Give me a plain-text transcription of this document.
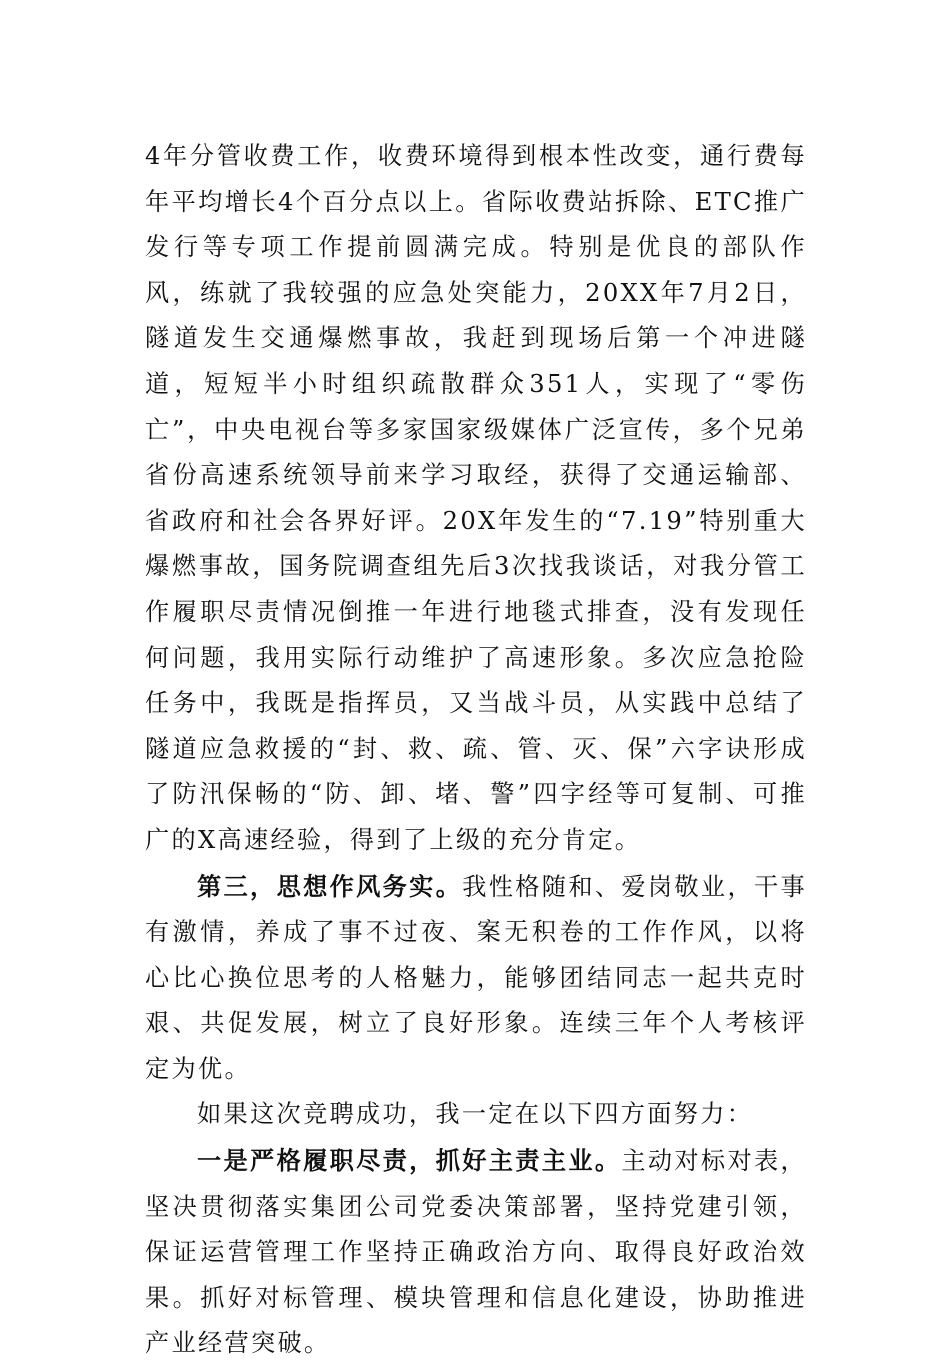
4年分管收费工作，收费环境得到根本性改变，通行费每年平均增长4个百分点以上。省际收费站拆除、ETC推广发行等专项工作提前圆满完成。特别是优良的部队作风，练就了我较强的应急处突能力，20XX年7月2日，隧道发生交通爆燃事故，我赶到现场后第一个冲进隧道，短短半小时组织疏散群众351人，实现了“零伤亡”，中央电视台等多家国家级媒体广泛宣传，多个兄弟省份高速系统领导前来学习取经，获得了交通运输部、省政府和社会各界好评。20X年发生的“7.19”特别重大爆燃事故，国务院调查组先后3次找我谈话，对我分管工作履职尽责情况倒推一年进行地毯式排查，没有发现任何问题，我用实际行动维护了高速形象。多次应急抢险任务中，我既是指挥员，又当战斗员，从实践中总结了隧道应急救援的“封、救、疏、管、灭、保”六字诀形成了防汛保畅的“防、卸、堵、警”四字经等可复制、可推广的X高速经验，得到了上级的充分肯定。

第三，思想作风务实。我性格随和、爱岗敬业，干事有激情，养成了事不过夜、案无积卷的工作作风，以将心比心换位思考的人格魅力，能够团结同志一起共克时艰、共促发展，树立了良好形象。连续三年个人考核评定为优。

如果这次竞聘成功，我一定在以下四方面努力：

一是严格履职尽责，抓好主责主业。主动对标对表，坚决贯彻落实集团公司党委决策部署，坚持党建引领，保证运营管理工作坚持正确政治方向、取得良好政治效果。抓好对标管理、模块管理和信息化建设，协助推进产业经营突破。
